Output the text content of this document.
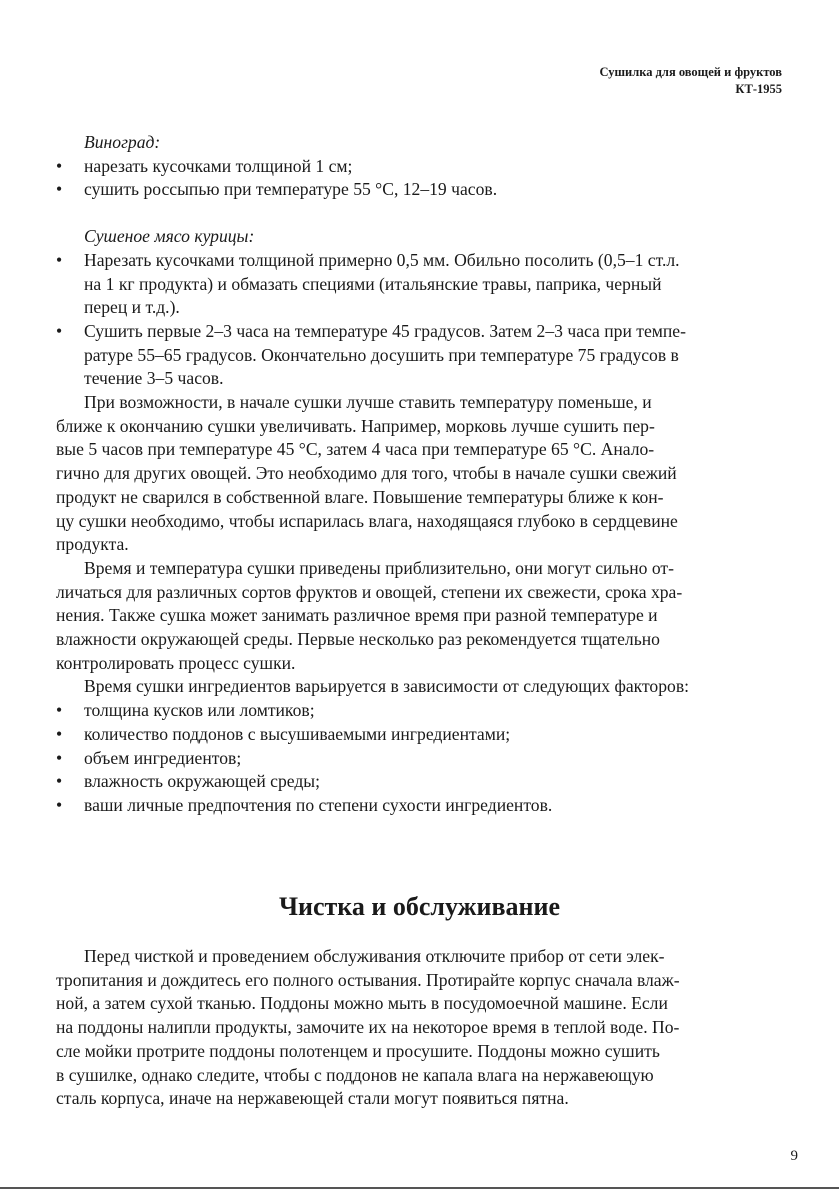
Сушилка для овощей и фруктов
КТ-1955
Виноград:
• нарезать кусочками толщиной 1 см;
• сушить россыпью при температуре 55 °С, 12–19 часов.
Сушеное мясо курицы:
• Нарезать кусочками толщиной примерно 0,5 мм. Обильно посолить (0,5–1 ст.л.
на 1 кг продукта) и обмазать специями (итальянские травы, паприка, черный
перец и т.д.).
• Сушить первые 2–3 часа на температуре 45 градусов. Затем 2–3 часа при темпе-
ратуре 55–65 градусов. Окончательно досушить при температуре 75 градусов в
течение 3–5 часов.
При возможности, в начале сушки лучше ставить температуру поменьше, и
ближе к окончанию сушки увеличивать. Например, морковь лучше сушить пер-
вые 5 часов при температуре 45 °С, затем 4 часа при температуре 65 °С. Анало-
гично для других овощей. Это необходимо для того, чтобы в начале сушки свежий
продукт не сварился в собственной влаге. Повышение температуры ближе к кон-
цу сушки необходимо, чтобы испарилась влага, находящаяся глубоко в сердцевине
продукта.
Время и температура сушки приведены приблизительно, они могут сильно от-
личаться для различных сортов фруктов и овощей, степени их свежести, срока хра-
нения. Также сушка может занимать различное время при разной температуре и
влажности окружающей среды. Первые несколько раз рекомендуется тщательно
контролировать процесс сушки.
Время сушки ингредиентов варьируется в зависимости от следующих факторов:
• толщина кусков или ломтиков;
• количество поддонов с высушиваемыми ингредиентами;
• объем ингредиентов;
• влажность окружающей среды;
• ваши личные предпочтения по степени сухости ингредиентов.
Чистка и обслуживание
Перед чисткой и проведением обслуживания отключите прибор от сети элек-
тропитания и дождитесь его полного остывания. Протирайте корпус сначала влаж-
ной, а затем сухой тканью. Поддоны можно мыть в посудомоечной машине. Если
на поддоны налипли продукты, замочите их на некоторое время в теплой воде. По-
сле мойки протрите поддоны полотенцем и просушите. Поддоны можно сушить
в сушилке, однако следите, чтобы с поддонов не капала влага на нержавеющую
сталь корпуса, иначе на нержавеющей стали могут появиться пятна.
9
